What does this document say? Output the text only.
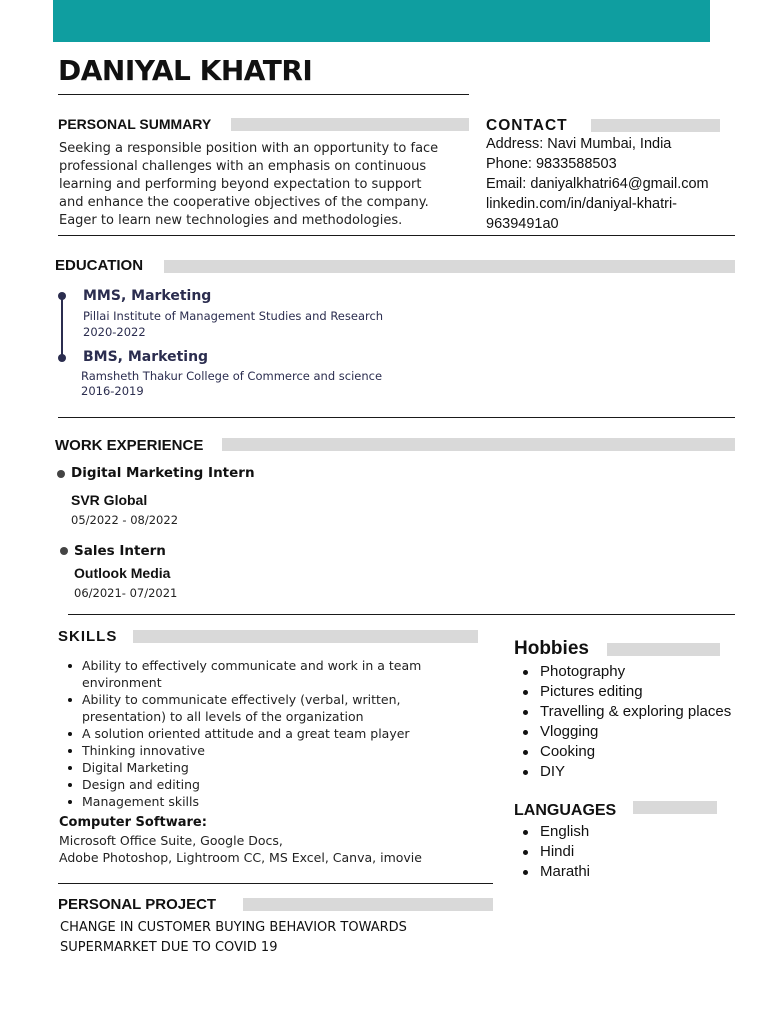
DANIYAL KHATRI
PERSONAL SUMMARY
Seeking a responsible position with an opportunity to face
professional challenges with an emphasis on continuous
learning and performing beyond expectation to support
and enhance the cooperative objectives of the company.
Eager to learn new technologies and methodologies.
CONTACT
Address: Navi Mumbai, India
Phone: 9833588503
Email: daniyalkhatri64@gmail.com
linkedin.com/in/daniyal-khatri-
9639491a0
EDUCATION
MMS, Marketing
Pillai Institute of Management Studies and Research
2020-2022
BMS, Marketing
Ramsheth Thakur College of Commerce and science
2016-2019
WORK EXPERIENCE
Digital Marketing Intern
SVR Global
05/2022 - 08/2022
Sales Intern
Outlook Media
06/2021- 07/2021
SKILLS
Ability to effectively communicate and work in a team
environment
Ability to communicate effectively (verbal, written,
presentation) to all levels of the organization
A solution oriented attitude and a great team player
Thinking innovative
Digital Marketing
Design and editing
Management skills
Computer Software:
Microsoft Office Suite, Google Docs,
Adobe Photoshop, Lightroom CC, MS Excel, Canva, imovie
Hobbies
Photography
Pictures editing
Travelling & exploring places
Vlogging
Cooking
DIY
LANGUAGES
English
Hindi
Marathi
PERSONAL PROJECT
CHANGE IN CUSTOMER BUYING BEHAVIOR TOWARDS
SUPERMARKET DUE TO COVID 19
